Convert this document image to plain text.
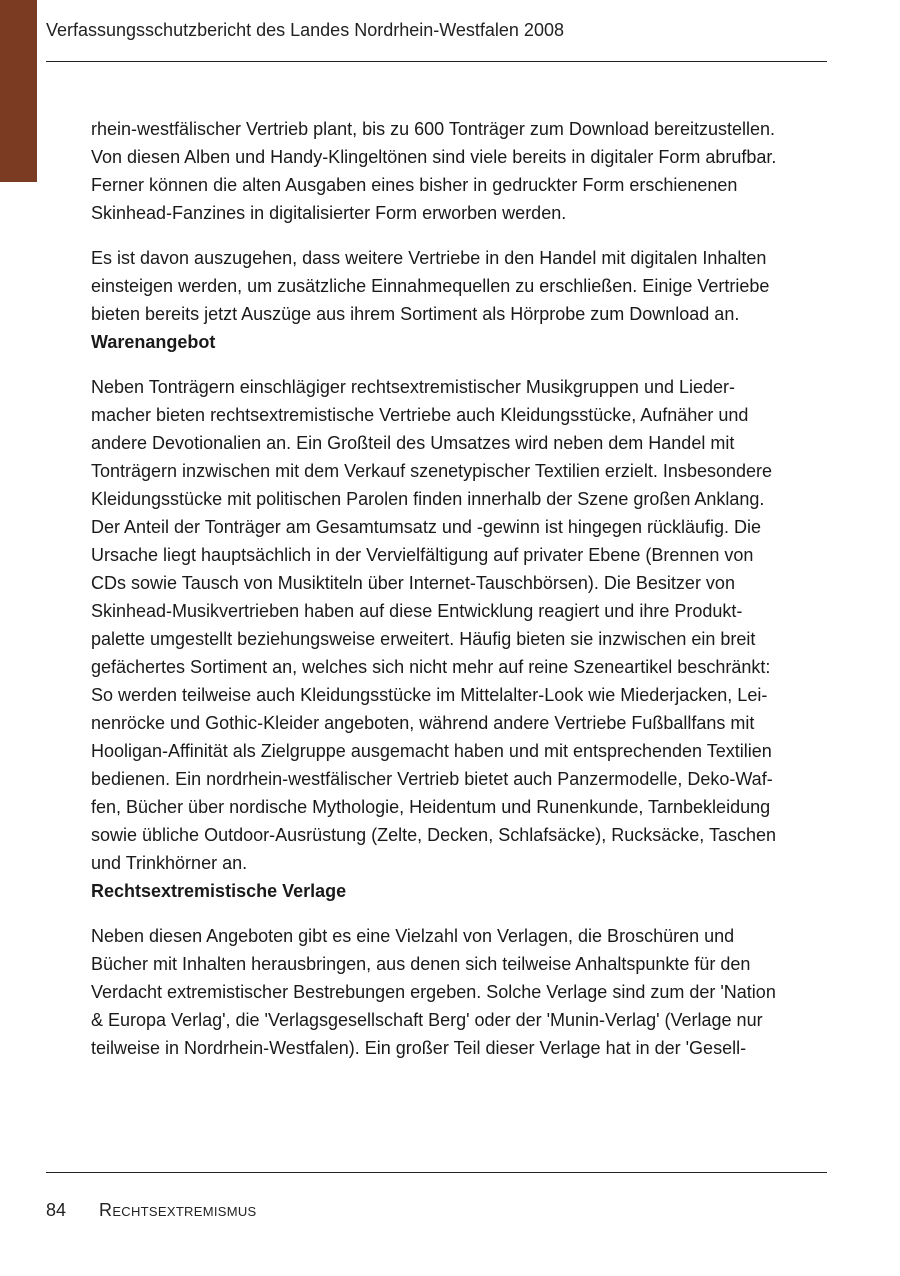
Verfassungsschutzbericht des Landes Nordrhein-Westfalen 2008

rhein-westfälischer Vertrieb plant, bis zu 600 Tonträger zum Download bereitzustellen.
Von diesen Alben und Handy-Klingeltönen sind viele bereits in digitaler Form abrufbar.
Ferner können die alten Ausgaben eines bisher in gedruckter Form erschienenen
Skinhead-Fanzines in digitalisierter Form erworben werden.

Es ist davon auszugehen, dass weitere Vertriebe in den Handel mit digitalen Inhalten
einsteigen werden, um zusätzliche Einnahmequellen zu erschließen. Einige Vertriebe
bieten bereits jetzt Auszüge aus ihrem Sortiment als Hörprobe zum Download an.

Warenangebot

Neben Tonträgern einschlägiger rechtsextremistischer Musikgruppen und Lieder-
macher bieten rechtsextremistische Vertriebe auch Kleidungsstücke, Aufnäher und
andere Devotionalien an. Ein Großteil des Umsatzes wird neben dem Handel mit
Tonträgern inzwischen mit dem Verkauf szenetypischer Textilien erzielt. Insbesondere
Kleidungsstücke mit politischen Parolen finden innerhalb der Szene großen Anklang.
Der Anteil der Tonträger am Gesamtumsatz und -gewinn ist hingegen rückläufig. Die
Ursache liegt hauptsächlich in der Vervielfältigung auf privater Ebene (Brennen von
CDs sowie Tausch von Musiktiteln über Internet-Tauschbörsen). Die Besitzer von
Skinhead-Musikvertrieben haben auf diese Entwicklung reagiert und ihre Produkt-
palette umgestellt beziehungsweise erweitert. Häufig bieten sie inzwischen ein breit
gefächertes Sortiment an, welches sich nicht mehr auf reine Szeneartikel beschränkt:
So werden teilweise auch Kleidungsstücke im Mittelalter-Look wie Miederjacken, Lei-
nenröcke und Gothic-Kleider angeboten, während andere Vertriebe Fußballfans mit
Hooligan-Affinität als Zielgruppe ausgemacht haben und mit entsprechenden Textilien
bedienen. Ein nordrhein-westfälischer Vertrieb bietet auch Panzermodelle, Deko-Waf-
fen, Bücher über nordische Mythologie, Heidentum und Runenkunde, Tarnbekleidung
sowie übliche Outdoor-Ausrüstung (Zelte, Decken, Schlafsäcke), Rucksäcke, Taschen
und Trinkhörner an.

Rechtsextremistische Verlage

Neben diesen Angeboten gibt es eine Vielzahl von Verlagen, die Broschüren und
Bücher mit Inhalten herausbringen, aus denen sich teilweise Anhaltspunkte für den
Verdacht extremistischer Bestrebungen ergeben. Solche Verlage sind zum der 'Nation
& Europa Verlag', die 'Verlagsgesellschaft Berg' oder der 'Munin-Verlag' (Verlage nur
teilweise in Nordrhein-Westfalen). Ein großer Teil dieser Verlage hat in der 'Gesell-

84 Rechtsextremismus
